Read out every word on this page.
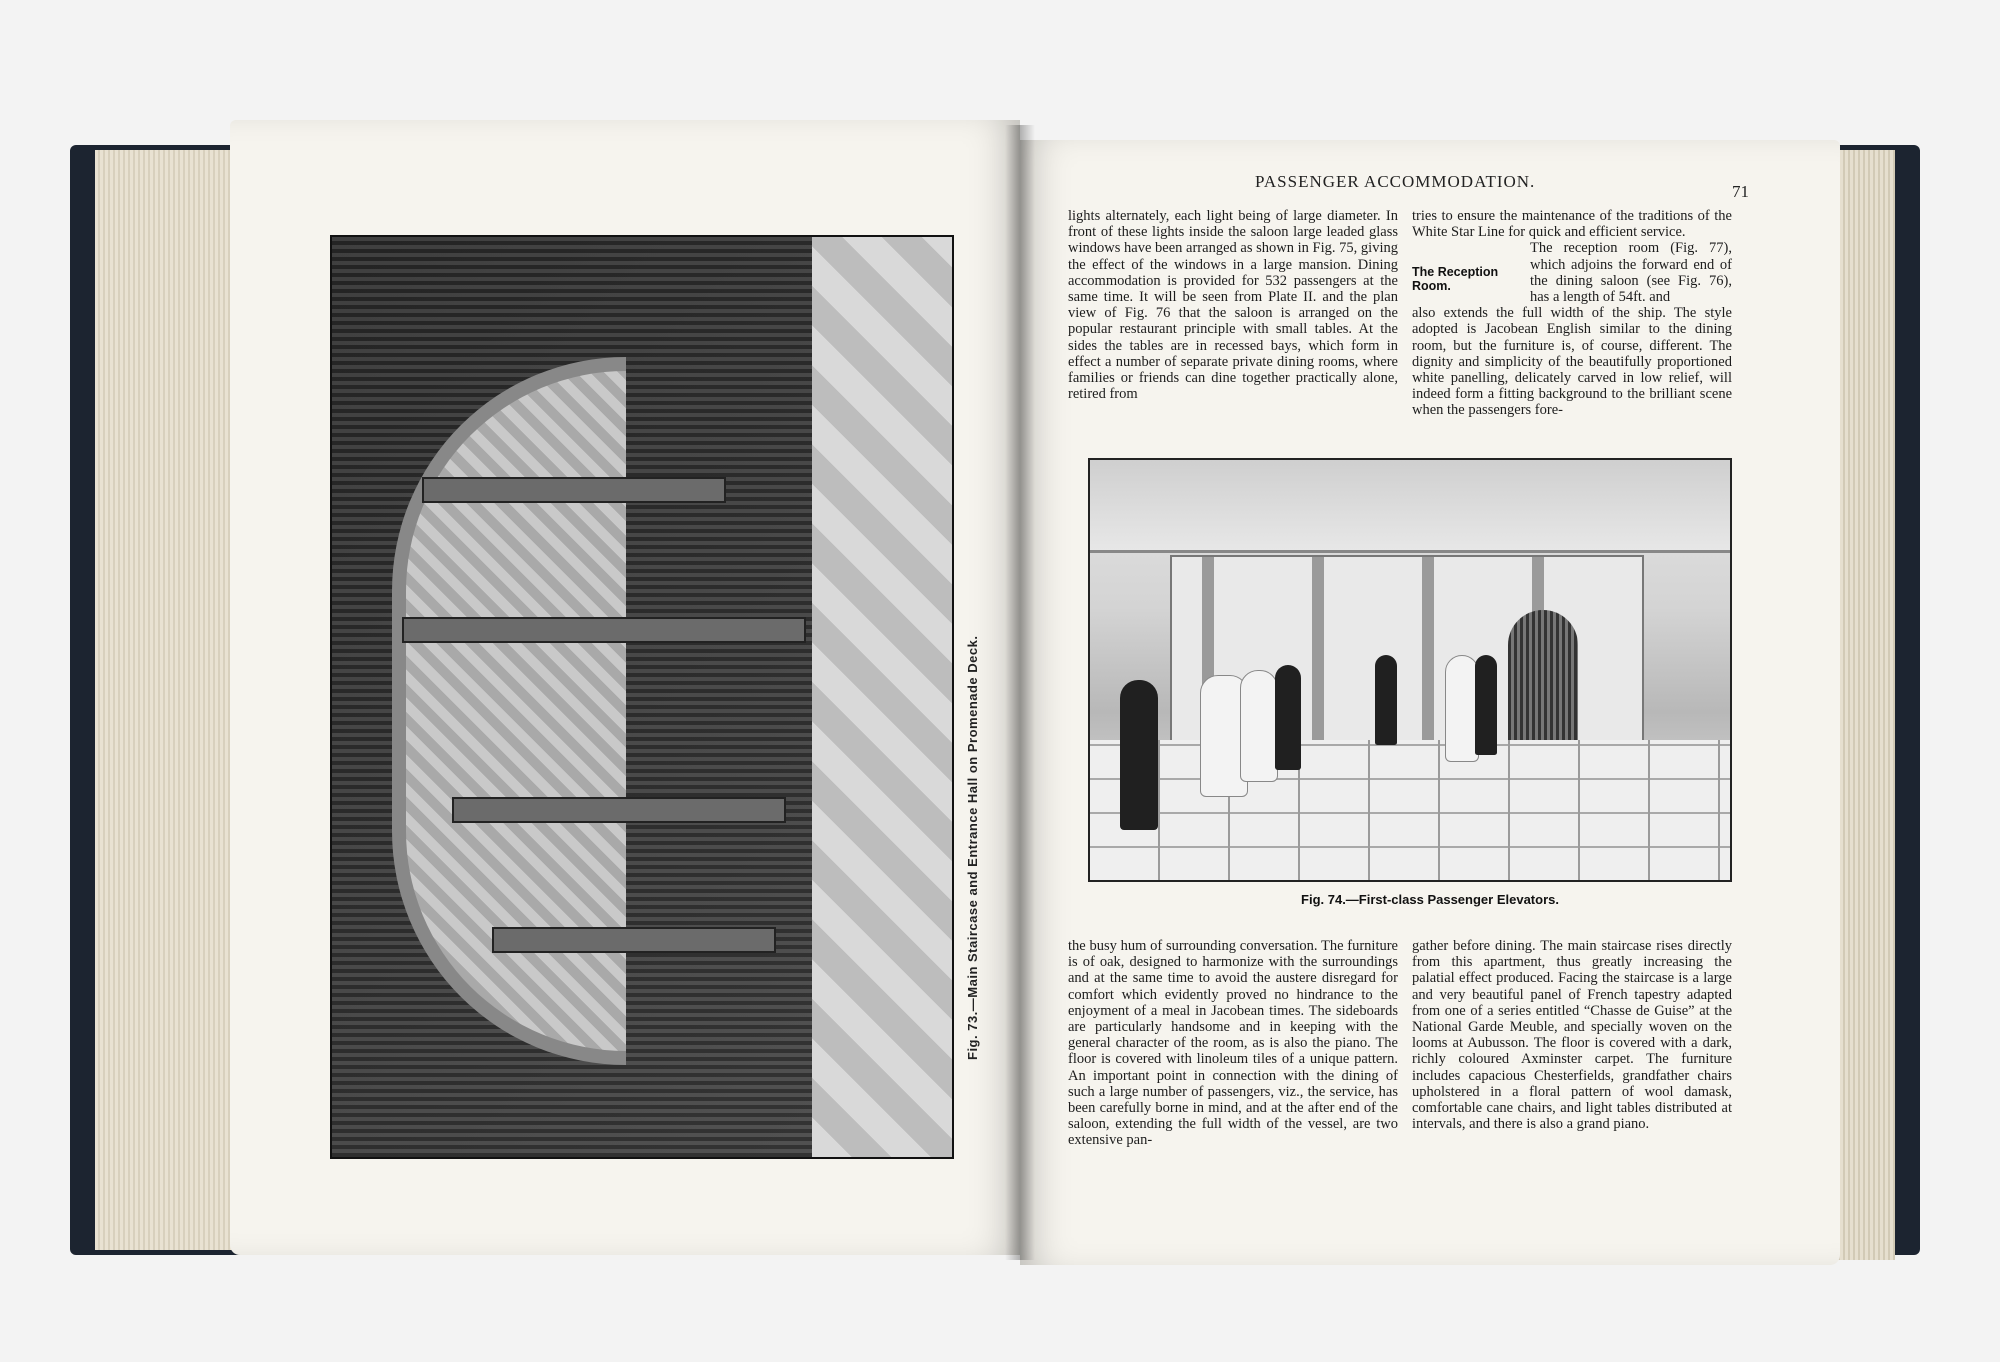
Fig. 73.—Main Staircase and Entrance Hall on Promenade Deck.
PASSENGER ACCOMMODATION.
71
lights alternately, each light being of large diameter. In front of these lights inside the saloon large leaded glass windows have been arranged as shown in Fig. 75, giving the effect of the windows in a large mansion. Dining accommodation is provided for 532 passengers at the same time. It will be seen from Plate II. and the plan view of Fig. 76 that the saloon is arranged on the popular restaurant principle with small tables. At the sides the tables are in recessed bays, which form in effect a number of separate private dining rooms, where families or friends can dine together practically alone, retired from
tries to ensure the maintenance of the traditions of the White Star Line for quick and efficient service.
The reception room (Fig. 77), which adjoins the forward end of the dining saloon (see Fig. 76), has a length of 54ft. and
also extends the full width of the ship. The style adopted is Jacobean English similar to the dining room, but the furniture is, of course, different. The dignity and simplicity of the beautifully proportioned white panelling, delicately carved in low relief, will indeed form a fitting background to the brilliant scene when the passengers fore-
The Reception Room.
Fig. 74.—First-class Passenger Elevators.
the busy hum of surrounding conversation. The furniture is of oak, designed to harmonize with the surroundings and at the same time to avoid the austere disregard for comfort which evidently proved no hindrance to the enjoyment of a meal in Jacobean times. The sideboards are particularly handsome and in keeping with the general character of the room, as is also the piano. The floor is covered with linoleum tiles of a unique pattern. An important point in connection with the dining of such a large number of passengers, viz., the service, has been carefully borne in mind, and at the after end of the saloon, extending the full width of the vessel, are two extensive pan-
gather before dining. The main staircase rises directly from this apartment, thus greatly increasing the palatial effect produced. Facing the staircase is a large and very beautiful panel of French tapestry adapted from one of a series entitled “Chasse de Guise” at the National Garde Meuble, and specially woven on the looms at Aubusson. The floor is covered with a dark, richly coloured Axminster carpet. The furniture includes capacious Chesterfields, grandfather chairs upholstered in a floral pattern of wool damask, comfortable cane chairs, and light tables distributed at intervals, and there is also a grand piano.
